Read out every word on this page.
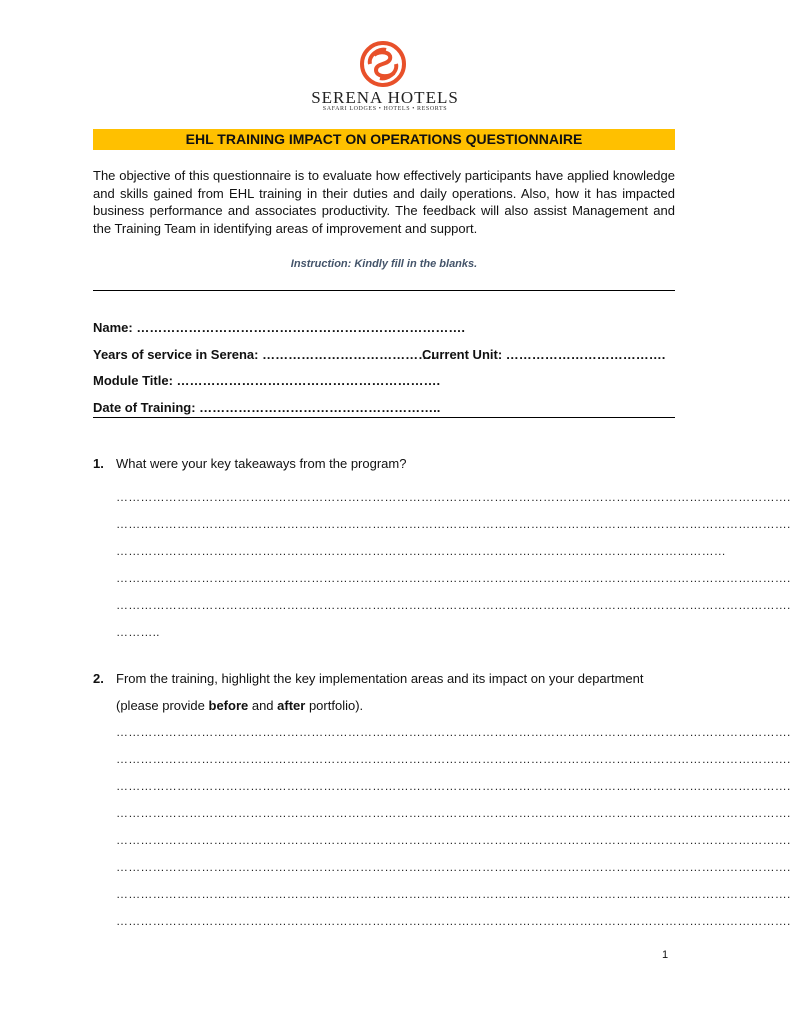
SERENA HOTELS
SAFARI LODGES • HOTELS • RESORTS
EHL TRAINING IMPACT ON OPERATIONS QUESTIONNAIRE
The objective of this questionnaire is to evaluate how effectively participants have applied knowledge and skills gained from EHL training in their duties and daily operations. Also, how it has impacted business performance and associates productivity. The feedback will also assist Management and the Training Team in identifying areas of improvement and support.
Instruction: Kindly fill in the blanks.
Name: ………………………………………………………………….
Years of service in Serena: ………………………………….
Current Unit: ……………………………….
Module Title: …………………………………………………….
Date of Training: ………………………………………………..
1. What were your key takeaways from the program?
………………………………………………………………………………………………………………………………………………….
………………………………………………………………………………………………………………………………………………….
……………………………………………………………………………………………………………………………………
………………………………………………………………………………………………………………………………………………….
………………………………………………………………………………………………………………………………………………….
………..
2. From the training, highlight the key implementation areas and its impact on your department (please provide before and after portfolio).
………………………………………………………………………………………………………………………………………………….
………………………………………………………………………………………………………………………………………………….
………………………………………………………………………………………………………………………………………………….
………………………………………………………………………………………………………………………………………………….
………………………………………………………………………………………………………………………………………………….
………………………………………………………………………………………………………………………………………………….
………………………………………………………………………………………………………………………………………………….
………………………………………………………………………………………………………………………………………………….
1
